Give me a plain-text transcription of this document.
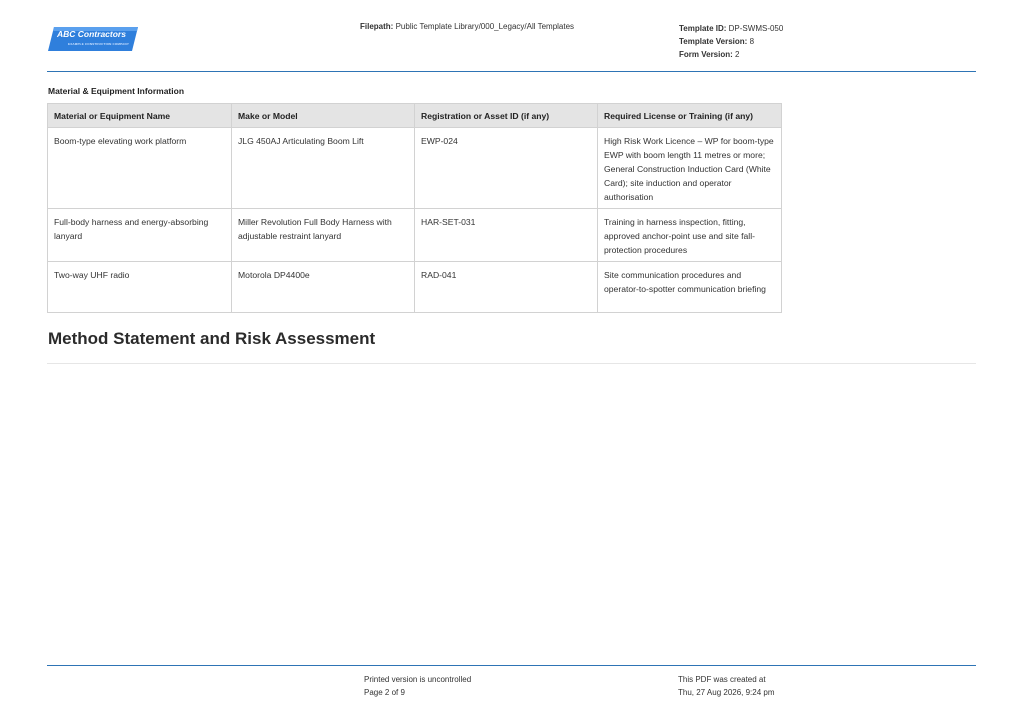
ABC Contractors
EXAMPLE CONSTRUCTION COMPANY
Filepath: Public Template Library/000_Legacy/All Templates	Template ID: DP-SWMS-050
Template Version: 8
Form Version: 2
Material & Equipment Information
Material or Equipment Name	Make or Model	Registration or Asset ID (if any)	Required License or Training (if any)
Boom-type elevating work platform	JLG 450AJ Articulating Boom Lift	EWP-024	High Risk Work Licence – WP for boom-type EWP with boom length 11 metres or more; General Construction Induction Card (White Card); site induction and operator authorisation
Full-body harness and energy-absorbing lanyard	Miller Revolution Full Body Harness with adjustable restraint lanyard	HAR-SET-031	Training in harness inspection, fitting, approved anchor-point use and site fall-protection procedures
Two-way UHF radio	Motorola DP4400e	RAD-041	Site communication procedures and operator-to-spotter communication briefing
Method Statement and Risk Assessment
Printed version is uncontrolled
Page 2 of 9
This PDF was created at
Thu, 27 Aug 2026, 9:24 pm
